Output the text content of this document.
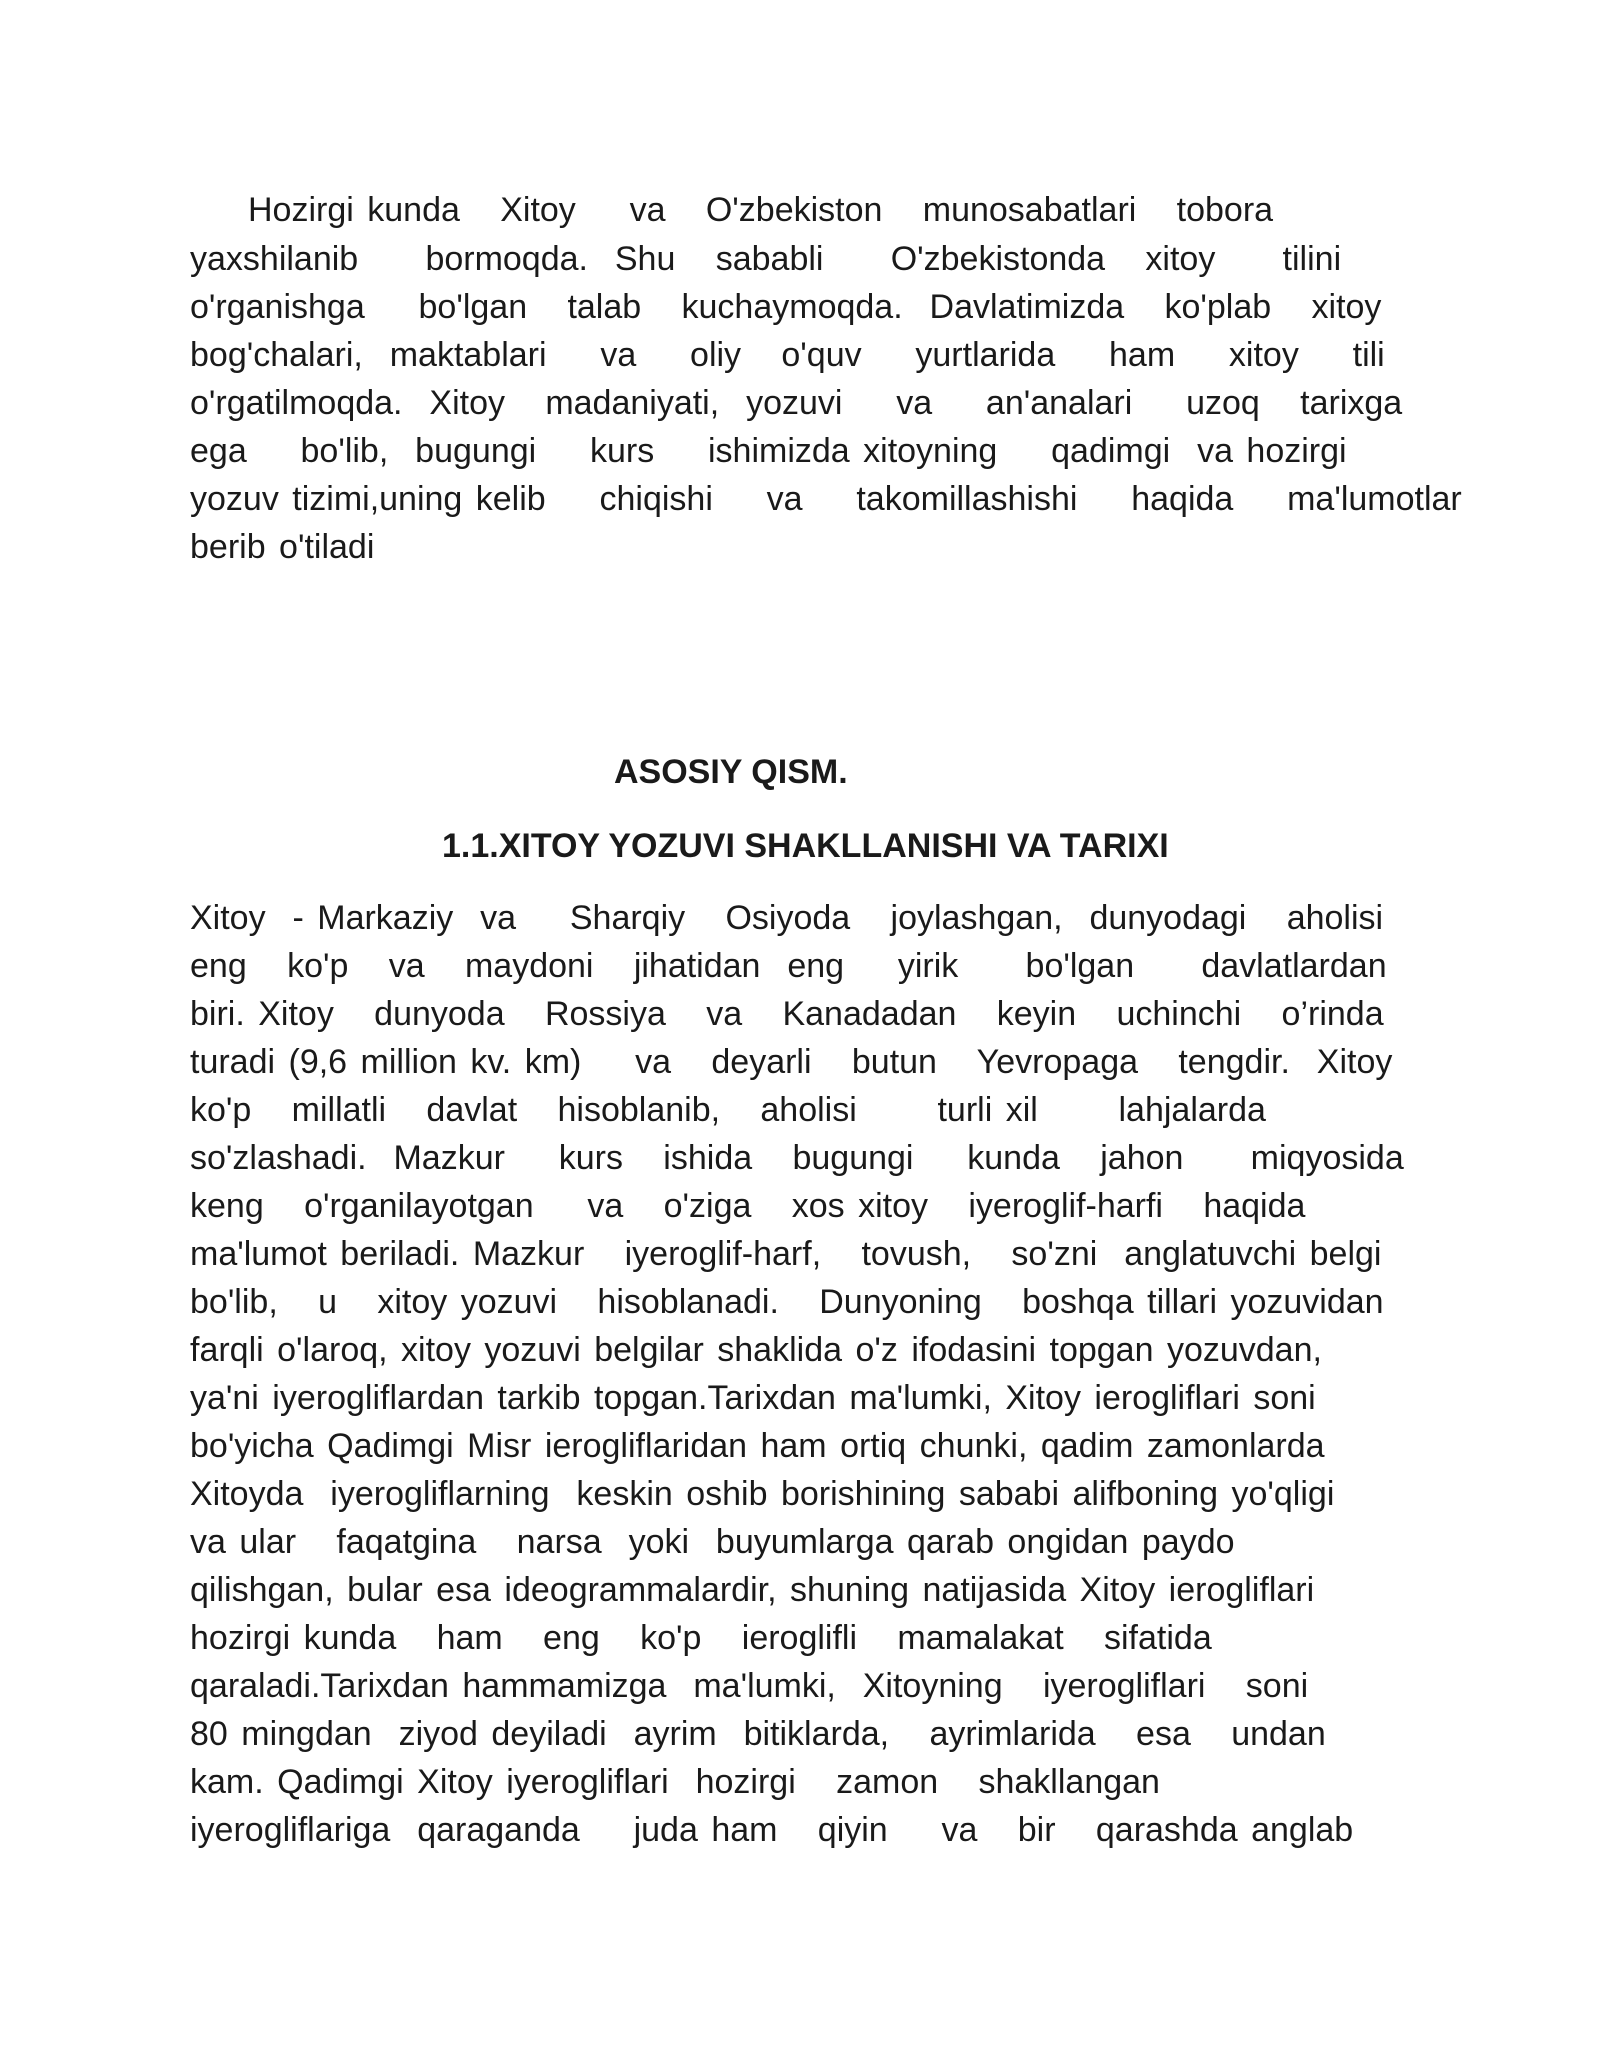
Hozirgi kunda   Xitoy    va   O'zbekiston   munosabatlari   tobora
yaxshilanib     bormoqda.  Shu   sababli     O'zbekistonda   xitoy     tilini
o'rganishga    bo'lgan   talab   kuchaymoqda.  Davlatimizda   ko'plab   xitoy
bog'chalari,  maktablari    va    oliy   o'quv    yurtlarida    ham    xitoy    tili
o'rgatilmoqda.  Xitoy   madaniyati,  yozuvi    va    an'analari    uzoq   tarixga
ega    bo'lib,  bugungi    kurs    ishimizda xitoyning    qadimgi  va hozirgi
yozuv tizimi,uning kelib    chiqishi    va    takomillashishi    haqida    ma'lumotlar
berib o'tiladi
ASOSIY QISM.
1.1.XITOY YOZUVI SHAKLLANISHI VA TARIXI
Xitoy  - Markaziy  va    Sharqiy   Osiyoda   joylashgan,  dunyodagi   aholisi
eng   ko'p   va   maydoni   jihatidan  eng    yirik     bo'lgan     davlatlardan
biri. Xitoy   dunyoda   Rossiya   va   Kanadadan   keyin   uchinchi   o’rinda
turadi (9,6 million kv. km)    va   deyarli   butun   Yevropaga   tengdir.  Xitoy
ko'p   millatli   davlat   hisoblanib,   aholisi      turli xil      lahjalarda
so'zlashadi.  Mazkur    kurs   ishida   bugungi    kunda   jahon     miqyosida
keng   o'rganilayotgan    va   o'ziga   xos xitoy   iyeroglif-harfi   haqida
ma'lumot beriladi. Mazkur   iyeroglif-harf,   tovush,   so'zni  anglatuvchi belgi
bo'lib,   u   xitoy yozuvi   hisoblanadi.   Dunyoning   boshqa tillari yozuvidan
farqli o'laroq, xitoy yozuvi belgilar shaklida o'z ifodasini topgan yozuvdan,
ya'ni iyerogliflardan tarkib topgan.Tarixdan ma'lumki, Xitoy ierogliflari soni
bo'yicha Qadimgi Misr ierogliflaridan ham ortiq chunki, qadim zamonlarda
Xitoyda  iyerogliflarning  keskin oshib borishining sababi alifboning yo'qligi
va ular   faqatgina   narsa  yoki  buyumlarga qarab ongidan paydo
qilishgan, bular esa ideogrammalardir, shuning natijasida Xitoy ierogliflari
hozirgi kunda   ham   eng   ko'p   ieroglifli   mamalakat   sifatida
qaraladi.Tarixdan hammamizga  ma'lumki,  Xitoyning   iyerogliflari   soni
80 mingdan  ziyod deyiladi  ayrim  bitiklarda,   ayrimlarida   esa   undan
kam. Qadimgi Xitoy iyerogliflari  hozirgi   zamon   shakllangan
iyerogliflariga  qaraganda    juda ham   qiyin    va   bir   qarashda anglab
